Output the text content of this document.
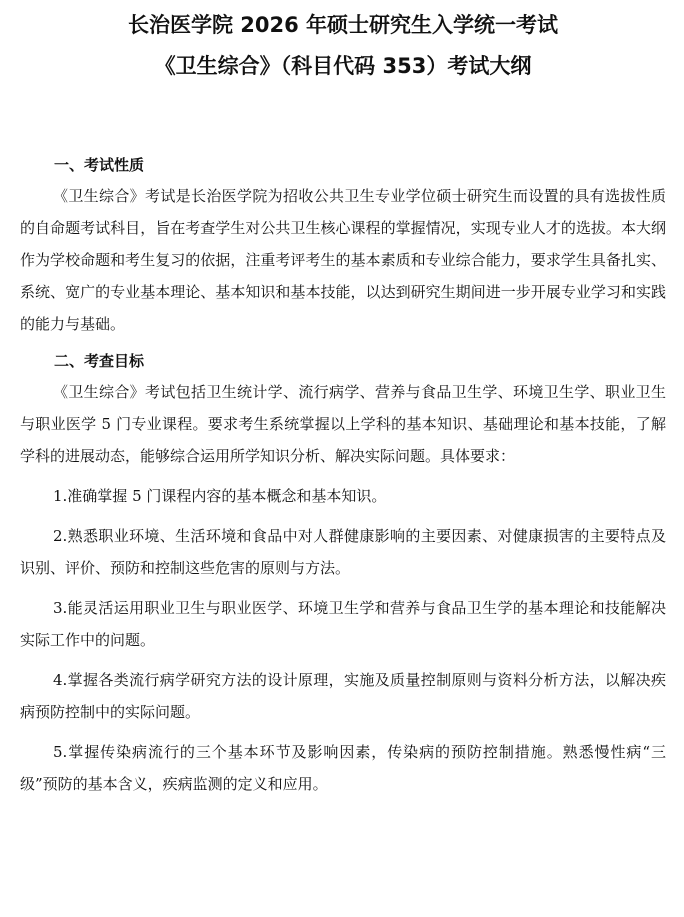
长治医学院 2026 年硕士研究生入学统一考试
《卫生综合》（科目代码 353）考试大纲
一、考试性质

《卫生综合》考试是长治医学院为招收公共卫生专业学位硕士研究生而设置的具有选拔性质的自命题考试科目，旨在考查学生对公共卫生核心课程的掌握情况，实现专业人才的选拔。本大纲作为学校命题和考生复习的依据，注重考评考生的基本素质和专业综合能力，要求学生具备扎实、系统、宽广的专业基本理论、基本知识和基本技能，以达到研究生期间进一步开展专业学习和实践的能力与基础。

二、考查目标

《卫生综合》考试包括卫生统计学、流行病学、营养与食品卫生学、环境卫生学、职业卫生与职业医学 5 门专业课程。要求考生系统掌握以上学科的基本知识、基础理论和基本技能，了解学科的进展动态，能够综合运用所学知识分析、解决实际问题。具体要求：

1.准确掌握 5 门课程内容的基本概念和基本知识。

2.熟悉职业环境、生活环境和食品中对人群健康影响的主要因素、对健康损害的主要特点及识别、评价、预防和控制这些危害的原则与方法。

3.能灵活运用职业卫生与职业医学、环境卫生学和营养与食品卫生学的基本理论和技能解决实际工作中的问题。

4.掌握各类流行病学研究方法的设计原理，实施及质量控制原则与资料分析方法，以解决疾病预防控制中的实际问题。

5.掌握传染病流行的三个基本环节及影响因素，传染病的预防控制措施。熟悉慢性病“三级”预防的基本含义，疾病监测的定义和应用。
